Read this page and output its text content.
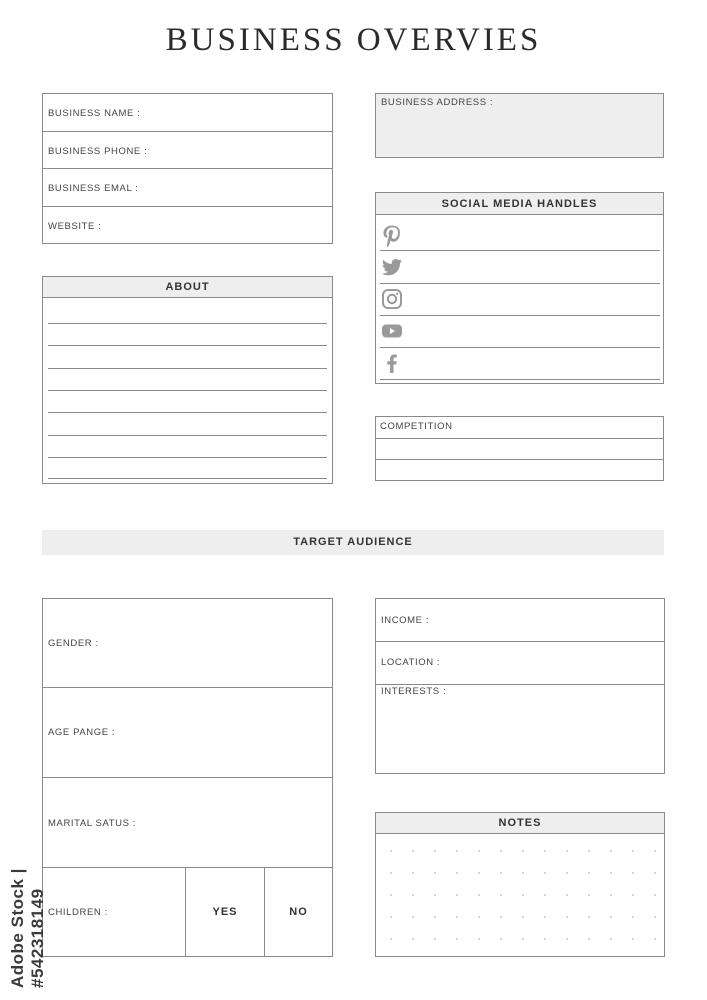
BUSINESS OVERVIES
BUSINESS NAME :
BUSINESS PHONE :
BUSINESS EMAL :
WEBSITE :
BUSINESS ADDRESS :
SOCIAL MEDIA HANDLES
ABOUT
COMPETITION
TARGET AUDIENCE
GENDER :
AGE PANGE :
MARITAL SATUS :
CHILDREN :	YES	NO
INCOME :
LOCATION :
INTERESTS :
NOTES
Adobe Stock | #542318149
